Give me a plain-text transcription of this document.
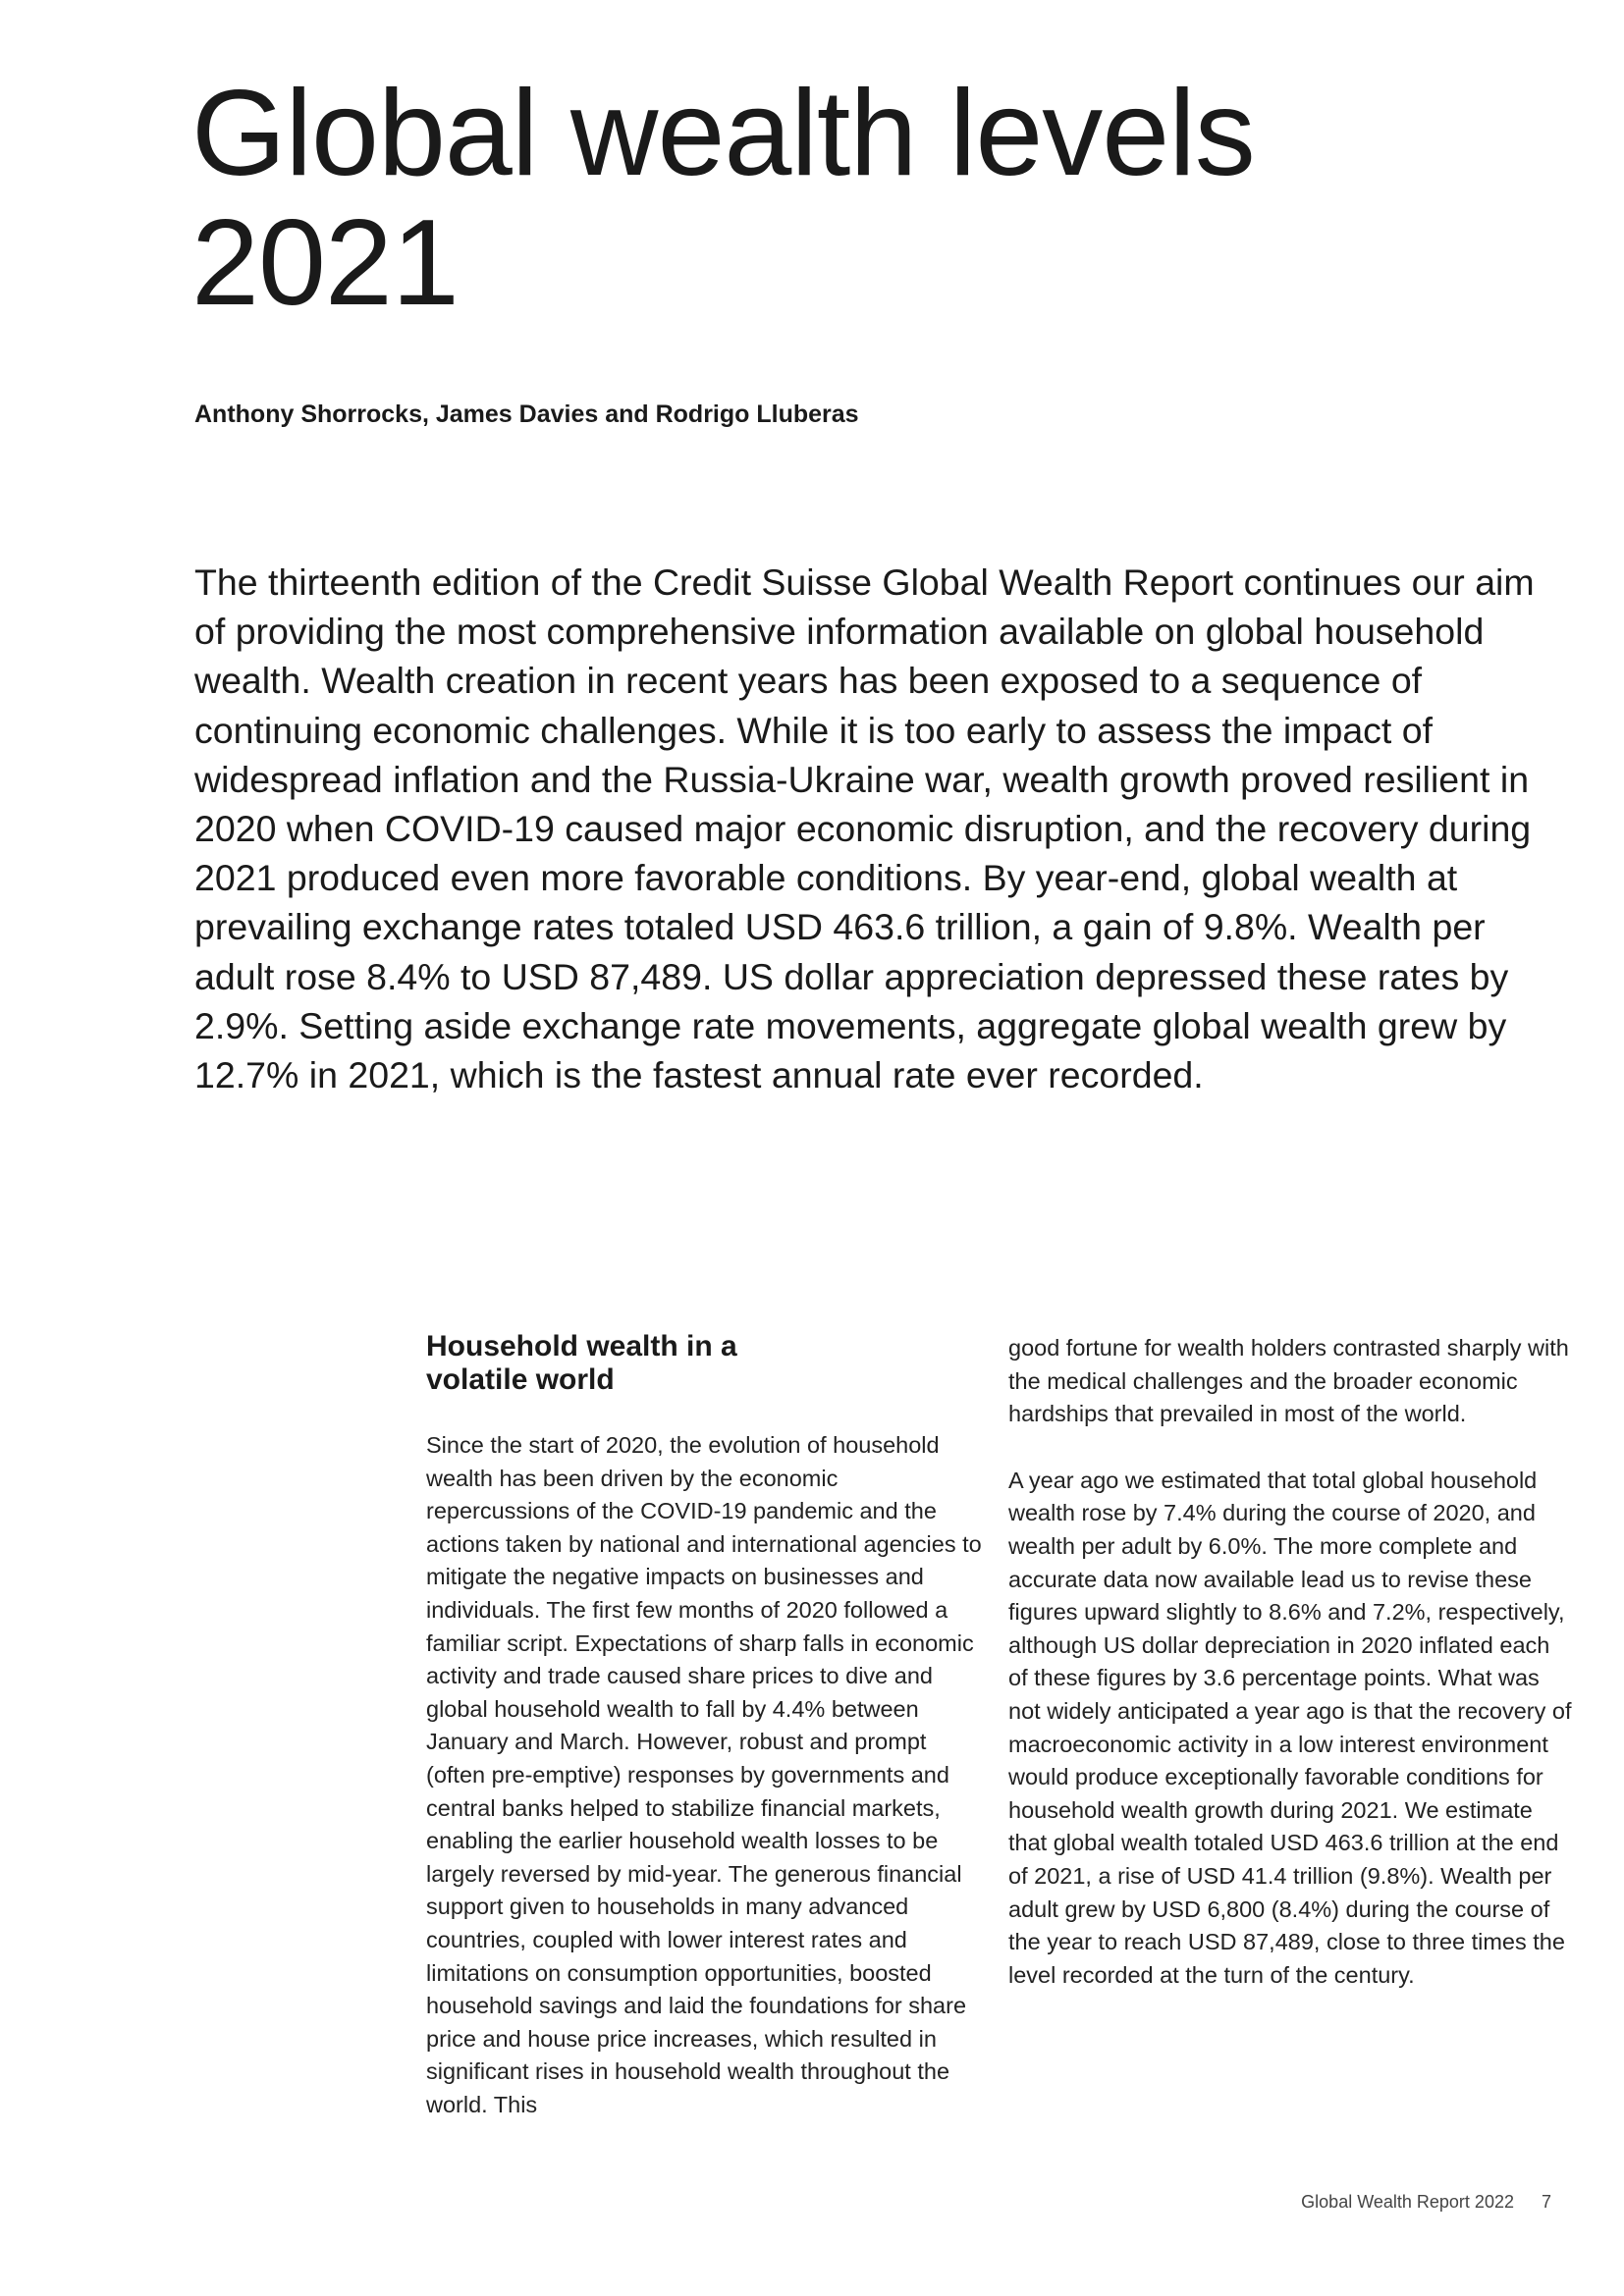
Global wealth levels
2021
Anthony Shorrocks, James Davies and Rodrigo Lluberas

The thirteenth edition of the Credit Suisse Global Wealth Report continues our aim of providing the most comprehensive information available on global household wealth. Wealth creation in recent years has been exposed to a sequence of continuing economic challenges. While it is too early to assess the impact of widespread inflation and the Russia-Ukraine war, wealth growth proved resilient in 2020 when COVID-19 caused major economic disruption, and the recovery during 2021 produced even more favorable conditions. By year-end, global wealth at prevailing exchange rates totaled USD 463.6 trillion, a gain of 9.8%. Wealth per adult rose 8.4% to USD 87,489. US dollar appreciation depressed these rates by 2.9%. Setting aside exchange rate movements, aggregate global wealth grew by 12.7% in 2021, which is the fastest annual rate ever recorded.

Household wealth in a
volatile world

Since the start of 2020, the evolution of household wealth has been driven by the economic repercussions of the COVID-19 pandemic and the actions taken by national and international agencies to mitigate the negative impacts on businesses and individuals. The first few months of 2020 followed a familiar script. Expectations of sharp falls in economic activity and trade caused share prices to dive and global household wealth to fall by 4.4% between January and March. However, robust and prompt (often pre-emptive) responses by governments and central banks helped to stabilize financial markets, enabling the earlier household wealth losses to be largely reversed by mid-year. The generous financial support given to households in many advanced countries, coupled with lower interest rates and limitations on consumption opportunities, boosted household savings and laid the foundations for share price and house price increases, which resulted in significant rises in household wealth throughout the world. This

good fortune for wealth holders contrasted sharply with the medical challenges and the broader economic hardships that prevailed in most of the world.

A year ago we estimated that total global household wealth rose by 7.4% during the course of 2020, and wealth per adult by 6.0%. The more complete and accurate data now available lead us to revise these figures upward slightly to 8.6% and 7.2%, respectively, although US dollar depreciation in 2020 inflated each of these figures by 3.6 percentage points. What was not widely anticipated a year ago is that the recovery of macroeconomic activity in a low interest environment would produce exceptionally favorable conditions for household wealth growth during 2021. We estimate that global wealth totaled USD 463.6 trillion at the end of 2021, a rise of USD 41.4 trillion (9.8%). Wealth per adult grew by USD 6,800 (8.4%) during the course of the year to reach USD 87,489, close to three times the level recorded at the turn of the century.

Global Wealth Report 2022 7
